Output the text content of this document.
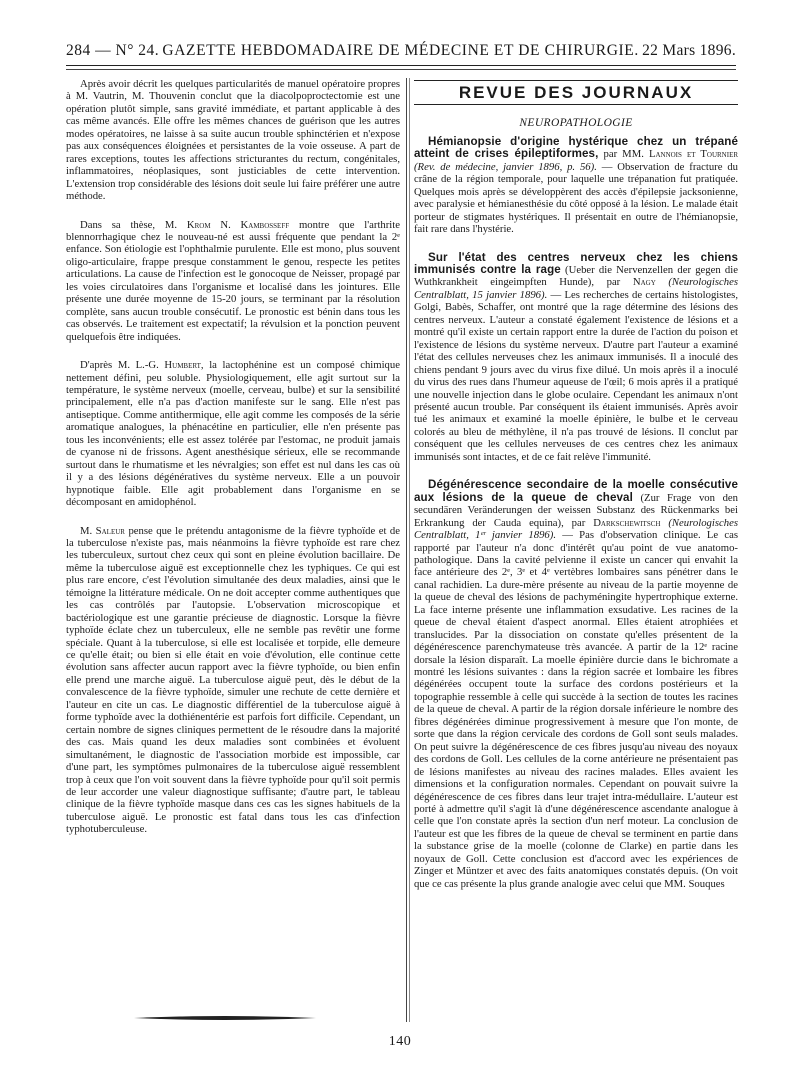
284 — N° 24. GAZETTE HEBDOMADAIRE DE MÉDECINE ET DE CHIRURGIE. 22 Mars 1896.

Après avoir décrit les quelques particularités de manuel opératoire propres à M. Vautrin, M. Thouvenin conclut que la diacolpoproctectomie est une opération plutôt simple, sans gravité immédiate, et partant applicable à des cas même avancés. Elle offre les mêmes chances de guérison que les autres modes opératoires, ne laisse à sa suite aucun trouble sphinctérien et n'expose pas aux conséquences éloignées et persistantes de la voie osseuse. A part de rares exceptions, toutes les affections stricturantes du rectum, congénitales, inflammatoires, néoplasiques, sont justiciables de cette intervention. L'extension trop considérable des lésions doit seule lui faire préférer une autre méthode.

Dans sa thèse, M. Krom N. Kambosseff montre que l'arthrite blennorrhagique chez le nouveau-né est aussi fréquente que pendant la 2ᵉ enfance. Son étiologie est l'ophthalmie purulente. Elle est mono, plus souvent oligo-articulaire, frappe presque constamment le genou, respecte les petites articulations. La cause de l'infection est le gonocoque de Neisser, propagé par les voies circulatoires dans l'organisme et localisé dans les jointures. Elle présente une durée moyenne de 15-20 jours, se terminant par la résolution complète, sans aucun trouble consécutif. Le pronostic est bénin dans tous les cas observés. Le traitement est expectatif; la révulsion et la ponction peuvent quelquefois être indiquées.

D'après M. L.-G. Humbert, la lactophénine est un composé chimique nettement défini, peu soluble. Physiologiquement, elle agit surtout sur la température, le système nerveux (moelle, cerveau, bulbe) et sur la sensibilité principalement, elle n'a pas d'action manifeste sur le sang. Elle n'est pas antiseptique. Comme antithermique, elle agit comme les composés de la série aromatique analogues, la phénacétine en particulier, elle n'en présente pas tous les inconvénients; elle est assez tolérée par l'estomac, ne produit jamais de cyanose ni de frissons. Agent anesthésique sérieux, elle se recommande surtout dans le rhumatisme et les névralgies; son effet est nul dans les cas où il y a des lésions dégénératives du système nerveux. Elle a un pouvoir hypnotique faible. Elle agit probablement dans l'organisme en se décomposant en amidophénol.

M. Saleur pense que le prétendu antagonisme de la fièvre typhoïde et de la tuberculose n'existe pas, mais néanmoins la fièvre typhoïde est rare chez les tuberculeux, surtout chez ceux qui sont en pleine évolution bacillaire. De même la tuberculose aiguë est exceptionnelle chez les typhiques. Ce qui est plus rare encore, c'est l'évolution simultanée des deux maladies, ainsi que le témoigne la littérature médicale. On ne doit accepter comme authentiques que les cas contrôlés par l'autopsie. L'observation microscopique et bactériologique est une garantie précieuse de diagnostic. Lorsque la fièvre typhoïde éclate chez un tuberculeux, elle ne semble pas revêtir une forme spéciale. Quant à la tuberculose, si elle est localisée et torpide, elle demeure ce qu'elle était; ou bien si elle était en voie d'évolution, elle continue cette évolution sans affecter aucun rapport avec la fièvre typhoïde, ou bien enfin elle prend une marche aiguë. La tuberculose aiguë peut, dès le début de la convalescence de la fièvre typhoïde, simuler une rechute de cette dernière et l'auteur en cite un cas. Le diagnostic différentiel de la tuberculose aiguë à forme typhoïde avec la dothiénentérie est parfois fort difficile. Cependant, un certain nombre de signes cliniques permettent de le résoudre dans la majorité des cas. Mais quand les deux maladies sont combinées et évoluent simultanément, le diagnostic de l'association morbide est impossible, car d'une part, les symptômes pulmonaires de la tuberculose aiguë ressemblent trop à ceux que l'on voit souvent dans la fièvre typhoïde pour qu'il soit permis de leur accorder une valeur diagnostique suffisante; d'autre part, le tableau clinique de la fièvre typhoïde masque dans ces cas les signes habituels de la tuberculose aiguë. Le pronostic est fatal dans tous les cas d'infection typhotuberculeuse.

REVUE DES JOURNAUX
NEUROPATHOLOGIE

Hémianopsie d'origine hystérique chez un trépané atteint de crises épileptiformes, par MM. Lannois et Tournier (Rev. de médecine, janvier 1896, p. 56). — Observation de fracture du crâne de la région temporale, pour laquelle une trépanation fut pratiquée. Quelques mois après se développèrent des accès d'épilepsie jacksonienne, avec paralysie et hémianesthésie du côté opposé à la lésion. Le malade était porteur de stigmates hystériques. Il présentait en outre de l'hémianopsie, fait rare dans l'hystérie.

Sur l'état des centres nerveux chez les chiens immunisés contre la rage (Ueber die Nervenzellen der gegen die Wuthkrankheit eingeimpften Hunde), par Nagy (Neurologisches Centralblatt, 15 janvier 1896). — Les recherches de certains histologistes, Golgi, Babès, Schaffer, ont montré que la rage détermine des lésions des centres nerveux. L'auteur a constaté également l'existence de lésions et a montré qu'il existe un certain rapport entre la durée de l'action du poison et l'existence de lésions du système nerveux. D'autre part l'auteur a examiné l'état des cellules nerveuses chez les animaux immunisés. Il a inoculé des chiens pendant 9 jours avec du virus fixe dilué. Un mois après il a inoculé du virus des rues dans l'humeur aqueuse de l'œil; 6 mois après il a pratiqué une nouvelle injection dans le globe oculaire. Cependant les animaux n'ont présenté aucun trouble. Par conséquent ils étaient immunisés. Après avoir tué les animaux et examiné la moelle épinière, le bulbe et le cerveau colorés au bleu de méthylène, il n'a pas trouvé de lésions. Il conclut par conséquent que les cellules nerveuses de ces centres chez les animaux immunisés sont intactes, et de ce fait relève l'immunité.

Dégénérescence secondaire de la moelle consécutive aux lésions de la queue de cheval (Zur Frage von den secundären Veränderungen der weissen Substanz des Rückenmarks bei Erkrankung der Cauda equina), par Darkschewitsch (Neurologisches Centralblatt, 1ᵉʳ janvier 1896). — Pas d'observation clinique. Le cas rapporté par l'auteur n'a donc d'intérêt qu'au point de vue anatomo-pathologique. Dans la cavité pelvienne il existe un cancer qui envahit la face antérieure des 2ᵉ, 3ᵉ et 4ᵉ vertèbres lombaires sans pénétrer dans le canal rachidien. La dure-mère présente au niveau de la partie moyenne de la queue de cheval des lésions de pachyméningite hypertrophique externe. La face interne présente une inflammation exsudative. Les racines de la queue de cheval étaient d'aspect anormal. Elles étaient atrophiées et translucides. Par la dissociation on constate qu'elles présentent de la dégénérescence parenchymateuse très avancée. A partir de la 12ᵉ racine dorsale la lésion disparaît. La moelle épinière durcie dans le bichromate a montré les lésions suivantes : dans la région sacrée et lombaire les fibres dégénérées occupent toute la surface des cordons postérieurs et la topographie ressemble à celle qui succède à la section de toutes les racines de la queue de cheval. A partir de la région dorsale inférieure le nombre des fibres dégénérées diminue progressivement à mesure que l'on monte, de sorte que dans la région cervicale des cordons de Goll sont seuls malades. On peut suivre la dégénérescence de ces fibres jusqu'au niveau des noyaux des cordons de Goll. Les cellules de la corne antérieure ne présentaient pas de lésions manifestes au niveau des racines malades. Elles avaient les dimensions et la configuration normales. Cependant on pouvait suivre la dégénérescence de ces fibres dans leur trajet intra-médullaire. L'auteur est porté à admettre qu'il s'agit là d'une dégénérescence ascendante analogue à celle que l'on constate après la section d'un nerf moteur. La conclusion de l'auteur est que les fibres de la queue de cheval se terminent en partie dans la substance grise de la moelle (colonne de Clarke) en partie dans les noyaux de Goll. Cette conclusion est d'accord avec les expériences de Zinger et Müntzer et avec des faits anatomiques constatés depuis. (On voit que ce cas présente la plus grande analogie avec celui que MM. Souques

140
